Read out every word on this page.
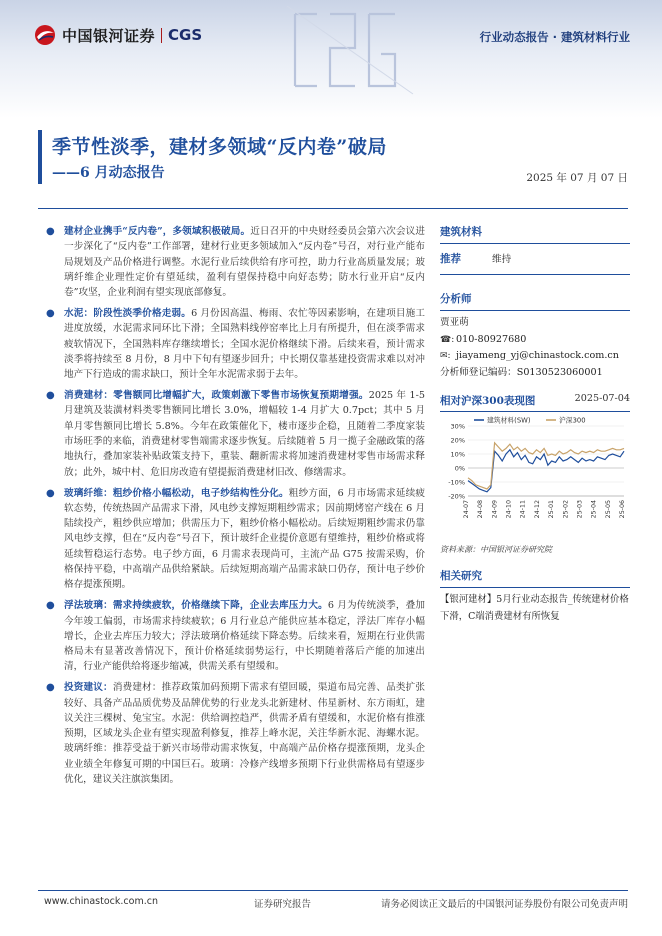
中国银河证券 CGS	行业动态报告 · 建筑材料行业
季节性淡季，建材多领域“反内卷”破局
——6 月动态报告	2025 年 07 月 07 日
● 建材企业携手“反内卷”，多领域积极破局。近日召开的中央财经委员会第六次会议进一步深化了“反内卷”工作部署，建材行业更多领域加入“反内卷”号召，对行业产能布局规划及产品价格进行调整。水泥行业后续供给有序可控，助力行业高质量发展；玻璃纤维企业理性定价有望延续，盈利有望保持稳中向好态势；防水行业开启“反内卷”攻坚，企业利润有望实现底部修复。
● 水泥：阶段性淡季价格走弱。6 月份因高温、梅雨、农忙等因素影响，在建项目施工进度放缓，水泥需求同环比下滑；全国熟料线停窑率比上月有所提升，但在淡季需求疲软情况下，全国熟料库存继续增长；全国水泥价格继续下滑。后续来看，预计需求淡季将持续至 8 月份，8 月中下旬有望逐步回升；中长期仅靠基建投资需求难以对冲地产下行造成的需求缺口，预计全年水泥需求弱于去年。
● 消费建材：零售额同比增幅扩大，政策刺激下零售市场恢复预期增强。2025 年 1-5 月建筑及装潢材料类零售额同比增长 3.0%，增幅较 1-4 月扩大 0.7pct；其中 5 月单月零售额同比增长 5.8%。今年在政策催化下，楼市逐步企稳，且随着二季度家装市场旺季的来临，消费建材零售端需求逐步恢复。后续随着 5 月一揽子金融政策的落地执行，叠加家装补贴政策支持下，重装、翻新需求将加速消费建材零售市场需求释放；此外，城中村、危旧房改造有望提振消费建材旧改、修缮需求。
● 玻璃纤维：粗纱价格小幅松动，电子纱结构性分化。粗纱方面，6 月市场需求延续疲软态势，传统热固产品需求下滑，风电纱支撑短期粗纱需求；因前期烤窑产线在 6 月陆续投产，粗纱供应增加；供需压力下，粗纱价格小幅松动。后续短期粗纱需求仍靠风电纱支撑，但在“反内卷”号召下，预计玻纤企业提价意愿有望维持，粗纱价格或将延续暂稳运行态势。电子纱方面，6 月需求表现尚可，主流产品 G75 按需采购，价格保持平稳，中高端产品供给紧缺。后续短期高端产品需求缺口仍存，预计电子纱价格存提涨预期。
● 浮法玻璃：需求持续疲软，价格继续下降，企业去库压力大。6 月为传统淡季，叠加今年竣工偏弱，市场需求持续疲软；6 月行业总产能供应基本稳定，浮法厂库存小幅增长，企业去库压力较大；浮法玻璃价格延续下降态势。后续来看，短期在行业供需格局未有显著改善情况下，预计价格延续弱势运行，中长期随着落后产能的加速出清，行业产能供给将逐步缩减，供需关系有望缓和。
● 投资建议：消费建材：推荐政策加码预期下需求有望回暖，渠道布局完善、品类扩张较好、具备产品品质优势及品牌优势的行业龙头北新建材、伟星新材、东方雨虹，建议关注三棵树、兔宝宝。水泥：供给调控趋严，供需矛盾有望缓和，水泥价格有推涨预期，区域龙头企业有望实现盈利修复，推荐上峰水泥，关注华新水泥、海螺水泥。玻璃纤维：推荐受益于新兴市场带动需求恢复，中高端产品价格存提涨预期，龙头企业业绩全年修复可期的中国巨石。玻璃：冷修产线增多预期下行业供需格局有望逐步优化，建议关注旗滨集团。
建筑材料
推荐	维持
分析师
贾亚萌
☎: 010-80927680
✉: jiayameng_yj@chinastock.com.cn
分析师登记编码：S0130523060001
相对沪深300表现图	2025-07-04
30%
20%
10%
0%
-10%
-20%
24-07 24-08 24-09 24-10 24-11 24-12 25-01 25-02 25-03 25-04 25-05 25-06
建筑材料(SW)	沪深300
资料来源：中国银河证券研究院
相关研究
【银河建材】5月行业动态报告_传统建材价格下滑，C端消费建材有所恢复
www.chinastock.com.cn	证券研究报告	请务必阅读正文最后的中国银河证券股份有限公司免责声明
